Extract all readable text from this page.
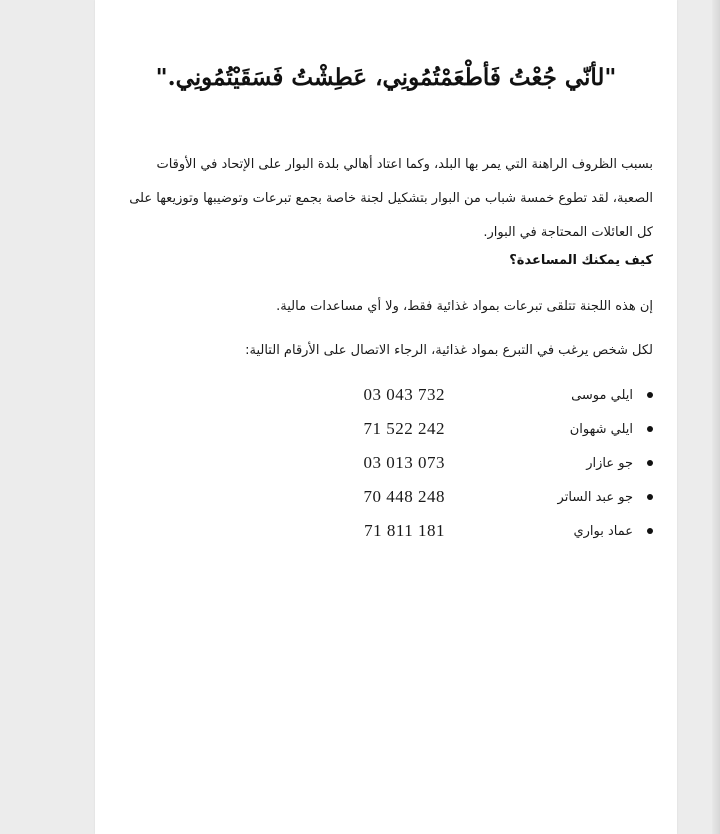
"لأنّي جُعْتُ فَأطْعَمْتُمُونِي، عَطِشْتُ فَسَقَيْتُمُونِي."
بسبب الظروف الراهنة التي يمر بها البلد، وكما اعتاد أهالي بلدة البوار على الإتحاد في الأوقات الصعبة، لقد تطوع خمسة شباب من البوار بتشكيل لجنة خاصة بجمع تبرعات وتوضيبها وتوزيعها على كل العائلات المحتاجة في البوار.
كيف يمكنك المساعدة؟
إن هذه اللجنة تتلقى تبرعات بمواد غذائية فقط، ولا أي مساعدات مالية.
لكل شخص يرغب في التبرع بمواد غذائية، الرجاء الاتصال على الأرقام التالية:
ايلي موسى
03 043 732
ايلي شهوان
71 522 242
جو عازار
03 013 073
جو عبد الساتر
70 448 248
عماد بواري
71 811 181
